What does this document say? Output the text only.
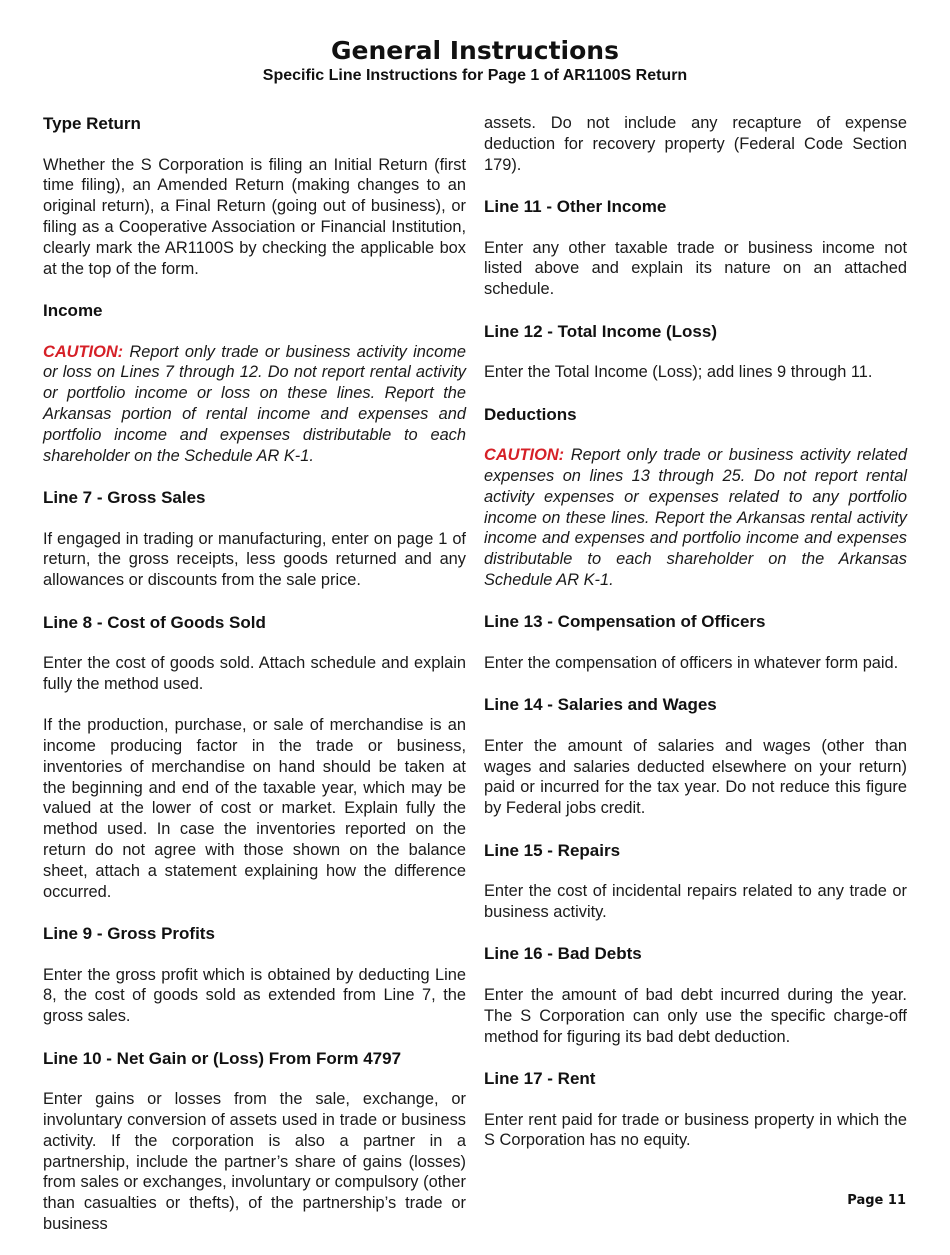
General Instructions
Specific Line Instructions for Page 1 of AR1100S Return
Type Return

Whether the S Corporation is filing an Initial Return (first time filing), an Amended Return (making changes to an original return), a Final Return (going out of business), or filing as a Cooperative Association or Financial Institution, clearly mark the AR1100S by checking the applicable box at the top of the form.

Income

CAUTION: Report only trade or business activity income or loss on Lines 7 through 12. Do not report rental activity or portfolio income or loss on these lines. Report the Arkansas portion of rental income and expenses and portfolio income and expenses distributable to each shareholder on the Schedule AR K-1.

Line 7 - Gross Sales

If engaged in trading or manufacturing, enter on page 1 of return, the gross receipts, less goods returned and any allowances or discounts from the sale price.

Line 8 - Cost of Goods Sold

Enter the cost of goods sold. Attach schedule and explain fully the method used.

If the production, purchase, or sale of merchandise is an income producing factor in the trade or business, inventories of merchandise on hand should be taken at the beginning and end of the taxable year, which may be valued at the lower of cost or market. Explain fully the method used. In case the inventories reported on the return do not agree with those shown on the balance sheet, attach a statement explaining how the difference occurred.

Line 9 - Gross Profits

Enter the gross profit which is obtained by deducting Line 8, the cost of goods sold as extended from Line 7, the gross sales.

Line 10 - Net Gain or (Loss) From Form 4797

Enter gains or losses from the sale, exchange, or involuntary conversion of assets used in trade or business activity. If the corporation is also a partner in a partnership, include the partner’s share of gains (losses) from sales or exchanges, involuntary or compulsory (other than casualties or thefts), of the partnership’s trade or business

assets. Do not include any recapture of expense deduction for recovery property (Federal Code Section 179).

Line 11 - Other Income

Enter any other taxable trade or business income not listed above and explain its nature on an attached schedule.

Line 12 - Total Income (Loss)

Enter the Total Income (Loss); add lines 9 through 11.

Deductions

CAUTION: Report only trade or business activity related expenses on lines 13 through 25. Do not report rental activity expenses or expenses related to any portfolio income on these lines. Report the Arkansas rental activity income and expenses and portfolio income and expenses distributable to each shareholder on the Arkansas Schedule AR K-1.

Line 13 - Compensation of Officers

Enter the compensation of officers in whatever form paid.

Line 14 - Salaries and Wages

Enter the amount of salaries and wages (other than wages and salaries deducted elsewhere on your return) paid or incurred for the tax year. Do not reduce this figure by Federal jobs credit.

Line 15 - Repairs

Enter the cost of incidental repairs related to any trade or business activity.

Line 16 - Bad Debts

Enter the amount of bad debt incurred during the year. The S Corporation can only use the specific charge-off method for figuring its bad debt deduction.

Line 17 - Rent

Enter rent paid for trade or business property in which the S Corporation has no equity.

Page 11
